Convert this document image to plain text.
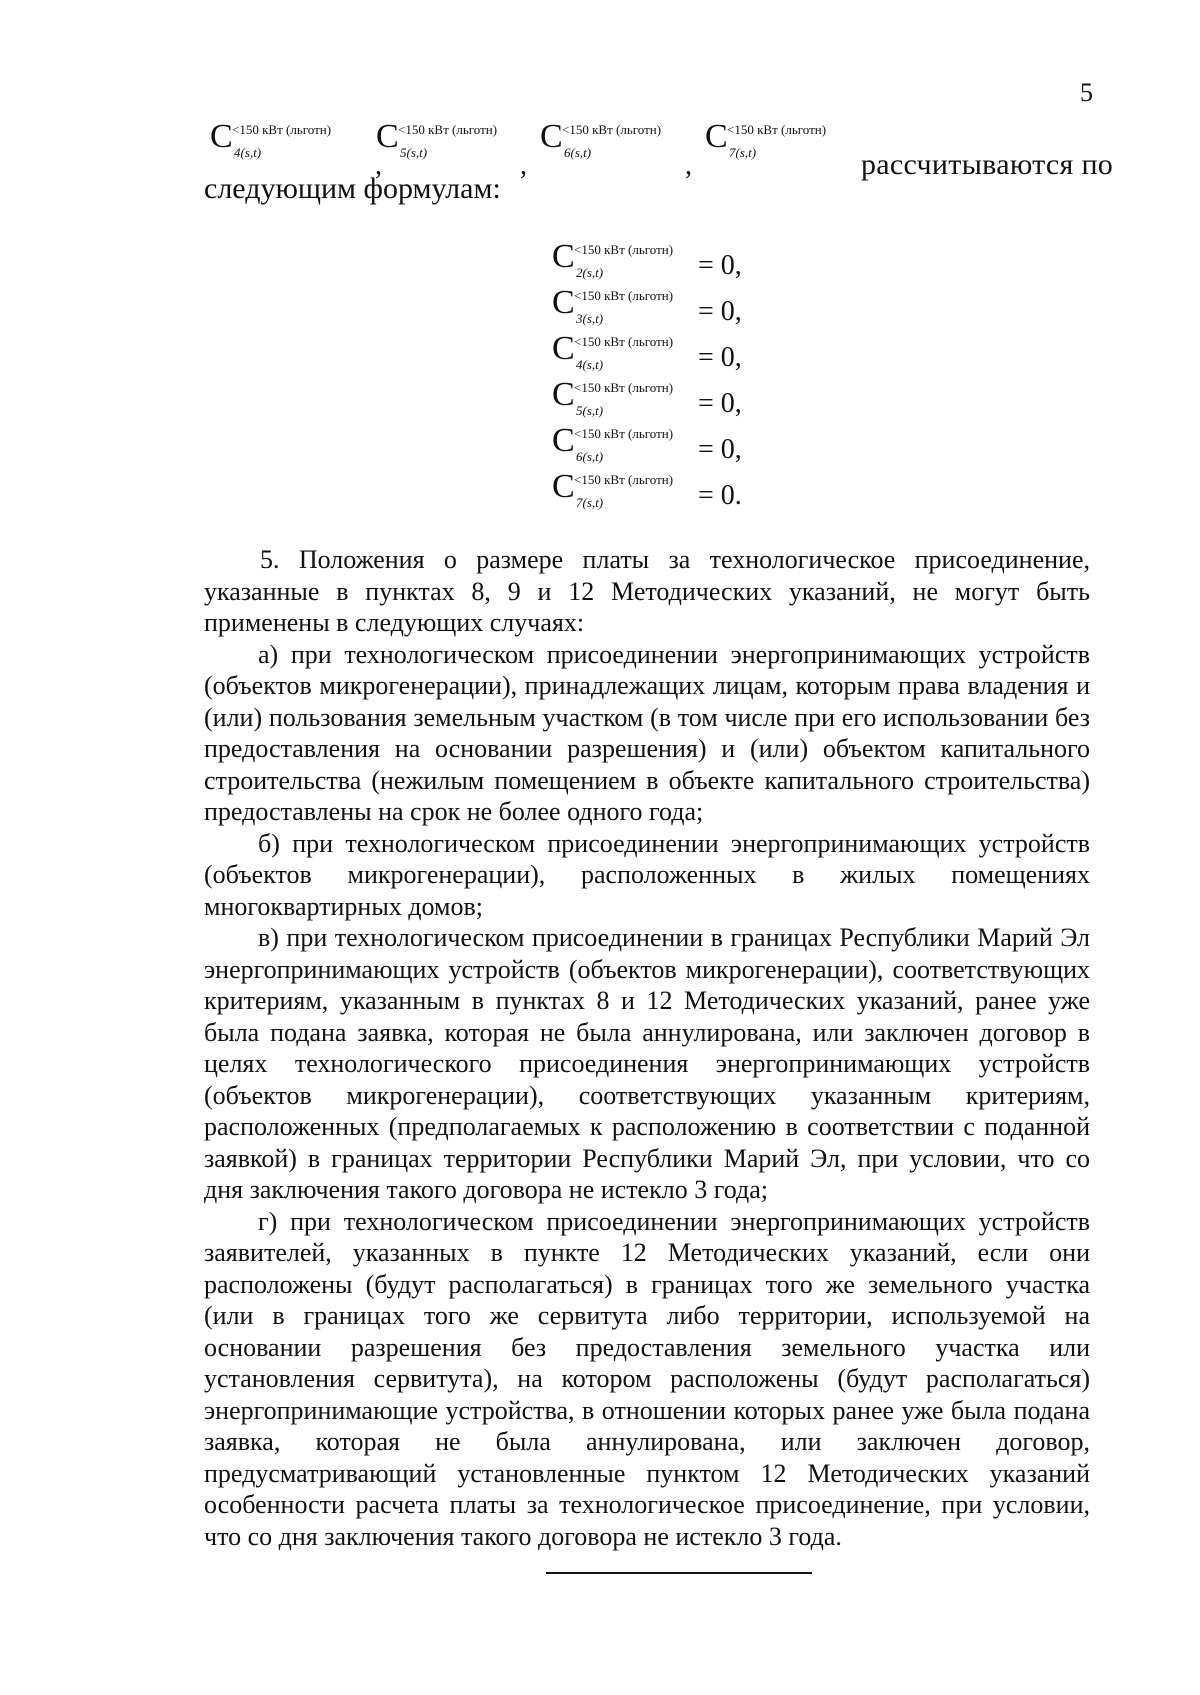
5
C <150 кВт (льготн)
4(s,t)	,
C <150 кВт (льготн)
5(s,t)	,
C <150 кВт (льготн)
6(s,t)	,
C <150 кВт (льготн)
7(s,t)	рассчитываются по
следующим формулам:
C <150 кВт (льготн)
2(s,t)	= 0,
C <150 кВт (льготн)
3(s,t)	= 0,
C <150 кВт (льготн)
4(s,t)	= 0,
C <150 кВт (льготн)
5(s,t)	= 0,
C <150 кВт (льготн)
6(s,t)	= 0,
C <150 кВт (льготн)
7(s,t)	= 0.

5. Положения о размере платы за технологическое присоединение, указанные в пунктах 8, 9 и 12 Методических указаний, не могут быть применены в следующих случаях:

а) при технологическом присоединении энергопринимающих устройств (объектов микрогенерации), принадлежащих лицам, которым права владения и (или) пользования земельным участком (в том числе при его использовании без предоставления на основании разрешения) и (или) объектом капитального строительства (нежилым помещением в объекте капитального строительства) предоставлены на срок не более одного года;

б) при технологическом присоединении энергопринимающих устройств (объектов микрогенерации), расположенных в жилых помещениях многоквартирных домов;

в) при технологическом присоединении в границах Республики Марий Эл энергопринимающих устройств (объектов микрогенерации), соответствующих критериям, указанным в пунктах 8 и 12 Методических указаний, ранее уже была подана заявка, которая не была аннулирована, или заключен договор в целях технологического присоединения энергопринимающих устройств (объектов микрогенерации), соответствующих указанным критериям, расположенных (предполагаемых к расположению в соответствии с поданной заявкой) в границах территории Республики Марий Эл, при условии, что со дня заключения такого договора не истекло 3 года;

г) при технологическом присоединении энергопринимающих устройств заявителей, указанных в пункте 12 Методических указаний, если они расположены (будут располагаться) в границах того же земельного участка (или в границах того же сервитута либо территории, используемой на основании разрешения без предоставления земельного участка или установления сервитута), на котором расположены (будут располагаться) энергопринимающие устройства, в отношении которых ранее уже была подана заявка, которая не была аннулирована, или заключен договор, предусматривающий установленные пунктом 12 Методических указаний особенности расчета платы за технологическое присоединение, при условии, что со дня заключения такого договора не истекло 3 года.
